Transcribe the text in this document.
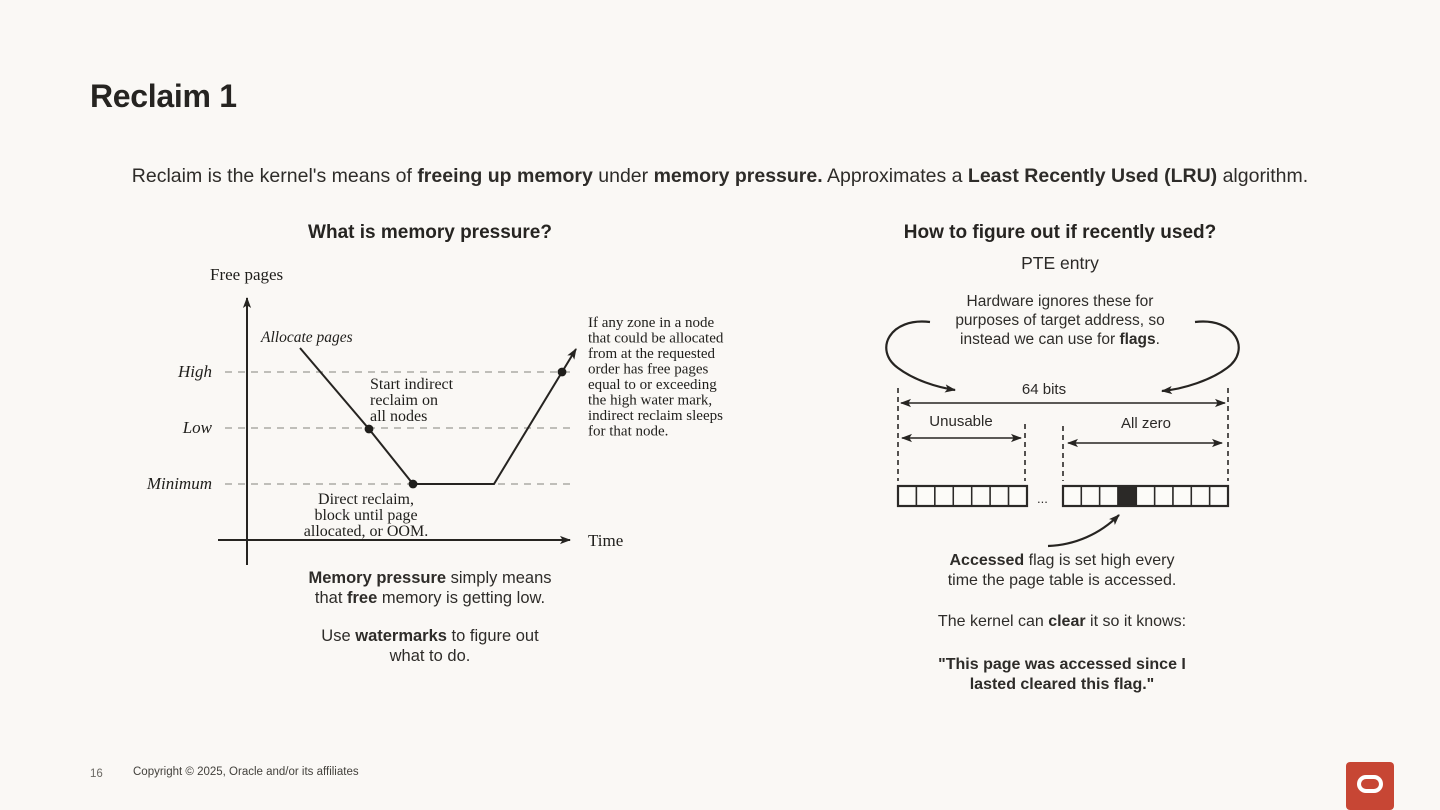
Reclaim 1
Reclaim is the kernel's means of freeing up memory under memory pressure. Approximates a Least Recently Used (LRU) algorithm.
What is memory pressure?
Free pages
Time
Allocate pages
High
Low
Minimum
Start indirect
reclaim on
all nodes
Direct reclaim,
block until page
allocated, or OOM.
If any zone in a node
that could be allocated
from at the requested
order has free pages
equal to or exceeding
the high water mark,
indirect reclaim sleeps
for that node.
Memory pressure simply means
that free memory is getting low.
Use watermarks to figure out
what to do.
How to figure out if recently used?
PTE entry
Hardware ignores these for
purposes of target address, so
instead we can use for flags.
64 bits
Unusable	All zero
...
Accessed flag is set high every
time the page table is accessed.
The kernel can clear it so it knows:
"This page was accessed since I
lasted cleared this flag."
16	Copyright © 2025, Oracle and/or its affiliates
